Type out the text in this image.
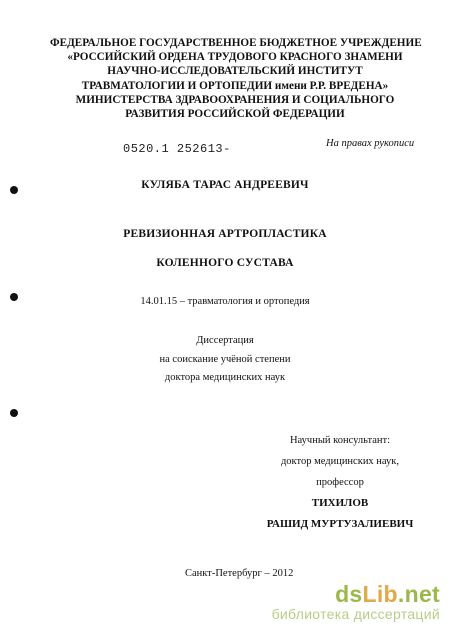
ФЕДЕРАЛЬНОЕ ГОСУДАРСТВЕННОЕ БЮДЖЕТНОЕ УЧРЕЖДЕНИЕ
«РОССИЙСКИЙ ОРДЕНА ТРУДОВОГО КРАСНОГО ЗНАМЕНИ
НАУЧНО-ИССЛЕДОВАТЕЛЬСКИЙ ИНСТИТУТ
ТРАВМАТОЛОГИИ И ОРТОПЕДИИ имени Р.Р. ВРЕДЕНА»
МИНИСТЕРСТВА ЗДРАВООХРАНЕНИЯ И СОЦИАЛЬНОГО
РАЗВИТИЯ РОССИЙСКОЙ ФЕДЕРАЦИИ
0520.1 252613-	На правах рукописи
КУЛЯБА ТАРАС АНДРЕЕВИЧ
РЕВИЗИОННАЯ АРТРОПЛАСТИКА
КОЛЕННОГО СУСТАВА
14.01.15 – травматология и ортопедия
Диссертация
на соискание учёной степени
доктора медицинских наук
Научный консультант:
доктор медицинских наук,
профессор
ТИХИЛОВ
РАШИД МУРТУЗАЛИЕВИЧ
Санкт-Петербург – 2012
dsLib.net
библиотека диссертаций
